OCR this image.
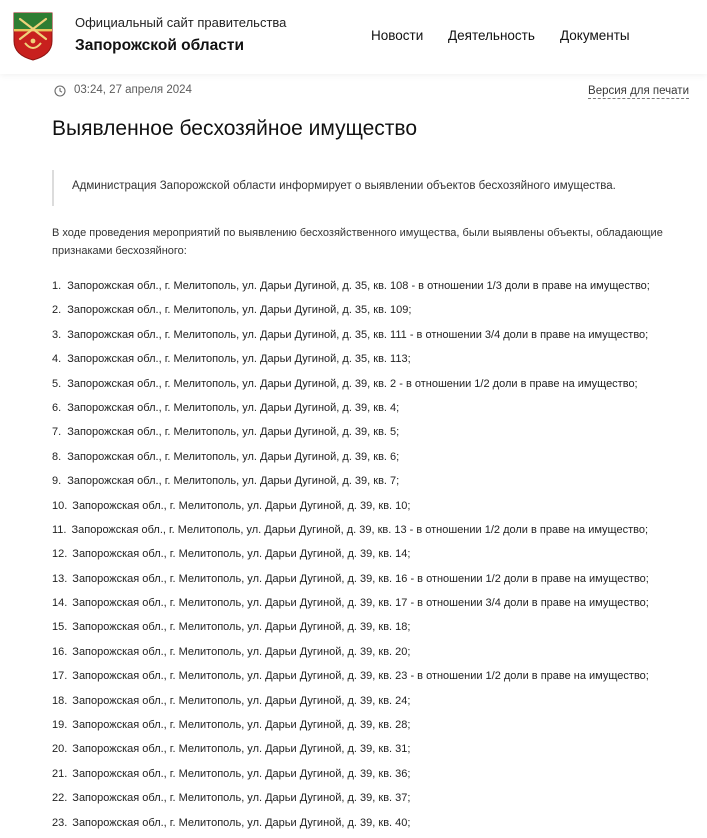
Официальный сайт правительства
Запорожской области
Новости Деятельность Документы
03:24, 27 апреля 2024	Версия для печати
Выявленное бесхозяйное имущество
Администрация Запорожской области информирует о выявлении объектов бесхозяйного имущества.

В ходе проведения мероприятий по выявлению бесхозяйственного имущества, были выявлены объекты, обладающие признаками бесхозяйного:

1. Запорожская обл., г. Мелитополь, ул. Дарьи Дугиной, д. 35, кв. 108 - в отношении 1/3 доли в праве на имущество;
2. Запорожская обл., г. Мелитополь, ул. Дарьи Дугиной, д. 35, кв. 109;
3. Запорожская обл., г. Мелитополь, ул. Дарьи Дугиной, д. 35, кв. 111 - в отношении 3/4 доли в праве на имущество;
4. Запорожская обл., г. Мелитополь, ул. Дарьи Дугиной, д. 35, кв. 113;
5. Запорожская обл., г. Мелитополь, ул. Дарьи Дугиной, д. 39, кв. 2 - в отношении 1/2 доли в праве на имущество;
6. Запорожская обл., г. Мелитополь, ул. Дарьи Дугиной, д. 39, кв. 4;
7. Запорожская обл., г. Мелитополь, ул. Дарьи Дугиной, д. 39, кв. 5;
8. Запорожская обл., г. Мелитополь, ул. Дарьи Дугиной, д. 39, кв. 6;
9. Запорожская обл., г. Мелитополь, ул. Дарьи Дугиной, д. 39, кв. 7;
10. Запорожская обл., г. Мелитополь, ул. Дарьи Дугиной, д. 39, кв. 10;
11. Запорожская обл., г. Мелитополь, ул. Дарьи Дугиной, д. 39, кв. 13 - в отношении 1/2 доли в праве на имущество;
12. Запорожская обл., г. Мелитополь, ул. Дарьи Дугиной, д. 39, кв. 14;
13. Запорожская обл., г. Мелитополь, ул. Дарьи Дугиной, д. 39, кв. 16 - в отношении 1/2 доли в праве на имущество;
14. Запорожская обл., г. Мелитополь, ул. Дарьи Дугиной, д. 39, кв. 17 - в отношении 3/4 доли в праве на имущество;
15. Запорожская обл., г. Мелитополь, ул. Дарьи Дугиной, д. 39, кв. 18;
16. Запорожская обл., г. Мелитополь, ул. Дарьи Дугиной, д. 39, кв. 20;
17. Запорожская обл., г. Мелитополь, ул. Дарьи Дугиной, д. 39, кв. 23 - в отношении 1/2 доли в праве на имущество;
18. Запорожская обл., г. Мелитополь, ул. Дарьи Дугиной, д. 39, кв. 24;
19. Запорожская обл., г. Мелитополь, ул. Дарьи Дугиной, д. 39, кв. 28;
20. Запорожская обл., г. Мелитополь, ул. Дарьи Дугиной, д. 39, кв. 31;
21. Запорожская обл., г. Мелитополь, ул. Дарьи Дугиной, д. 39, кв. 36;
22. Запорожская обл., г. Мелитополь, ул. Дарьи Дугиной, д. 39, кв. 37;
23. Запорожская обл., г. Мелитополь, ул. Дарьи Дугиной, д. 39, кв. 40;
